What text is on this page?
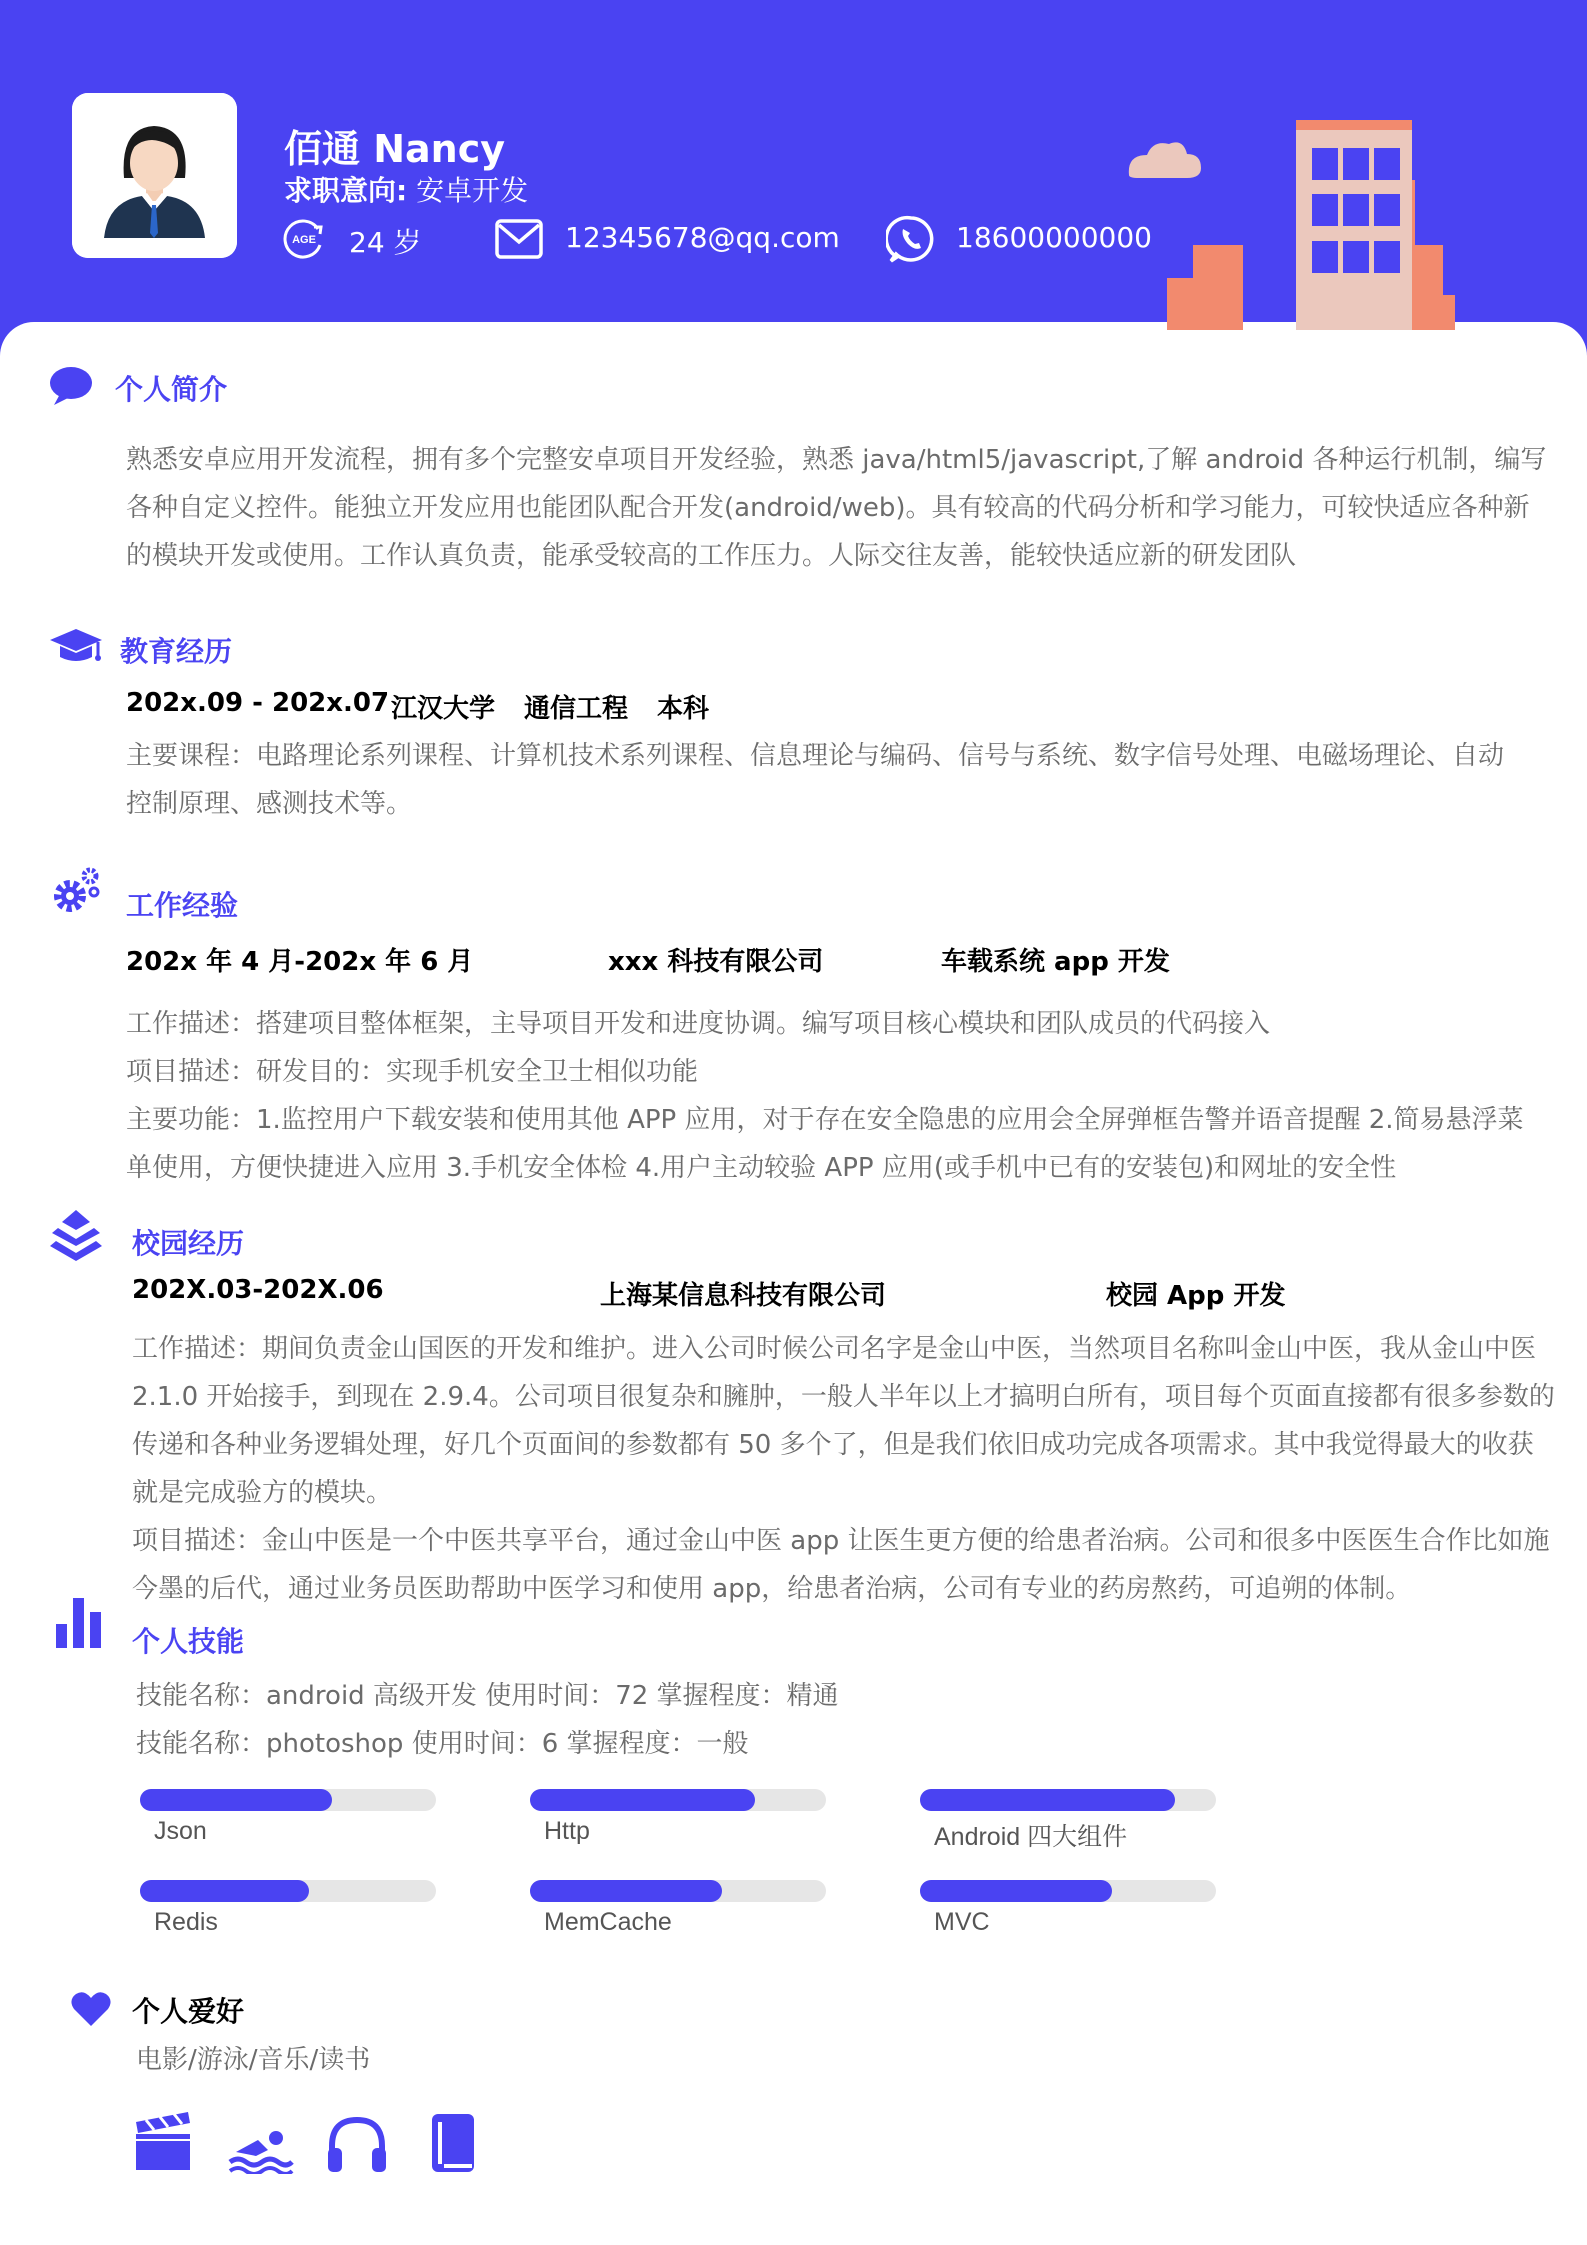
佰通 Nancy
求职意向: 安卓开发
AGE 24 岁	12345678@qq.com	18600000000
个人简介
熟悉安卓应用开发流程，拥有多个完整安卓项目开发经验，熟悉 java/html5/javascript,了解 android 各种运行机制，编写
各种自定义控件。能独立开发应用也能团队配合开发(android/web)。具有较高的代码分析和学习能力，可较快适应各种新
的模块开发或使用。工作认真负责，能承受较高的工作压力。人际交往友善，能较快适应新的研发团队
教育经历
202x.09 - 202x.07 江汉大学 通信工程 本科
主要课程：电路理论系列课程、计算机技术系列课程、信息理论与编码、信号与系统、数字信号处理、电磁场理论、自动
控制原理、感测技术等。
工作经验
202x 年 4 月-202x 年 6 月	xxx 科技有限公司	车载系统 app 开发
工作描述：搭建项目整体框架，主导项目开发和进度协调。编写项目核心模块和团队成员的代码接入
项目描述：研发目的：实现手机安全卫士相似功能
主要功能：1.监控用户下载安装和使用其他 APP 应用，对于存在安全隐患的应用会全屏弹框告警并语音提醒 2.简易悬浮菜
单使用，方便快捷进入应用 3.手机安全体检 4.用户主动较验 APP 应用(或手机中已有的安装包)和网址的安全性
校园经历
202X.03-202X.06	上海某信息科技有限公司	校园 App 开发
工作描述：期间负责金山国医的开发和维护。进入公司时候公司名字是金山中医，当然项目名称叫金山中医，我从金山中医
2.1.0 开始接手，到现在 2.9.4。公司项目很复杂和臃肿，一般人半年以上才搞明白所有，项目每个页面直接都有很多参数的
传递和各种业务逻辑处理，好几个页面间的参数都有 50 多个了，但是我们依旧成功完成各项需求。其中我觉得最大的收获
就是完成验方的模块。
项目描述：金山中医是一个中医共享平台，通过金山中医 app 让医生更方便的给患者治病。公司和很多中医医生合作比如施
今墨的后代，通过业务员医助帮助中医学习和使用 app，给患者治病，公司有专业的药房熬药，可追朔的体制。
个人技能
技能名称：android 高级开发 使用时间：72 掌握程度：精通
技能名称：photoshop 使用时间：6 掌握程度：一般
Json	Http	Android 四大组件
Redis	MemCache	MVC
个人爱好
电影/游泳/音乐/读书
